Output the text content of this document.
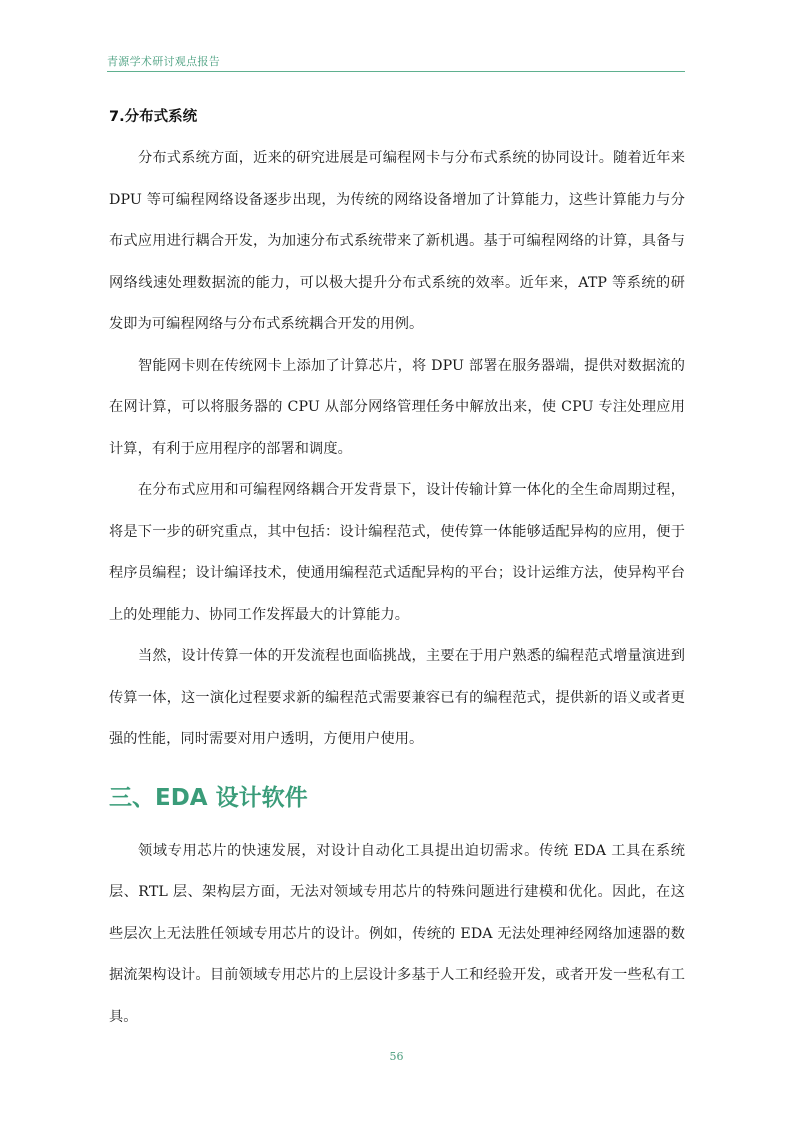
青源学术研讨观点报告
7.分布式系统

分布式系统方面，近来的研究进展是可编程网卡与分布式系统的协同设计。随着近年来 DPU 等可编程网络设备逐步出现，为传统的网络设备增加了计算能力，这些计算能力与分布式应用进行耦合开发，为加速分布式系统带来了新机遇。基于可编程网络的计算，具备与网络线速处理数据流的能力，可以极大提升分布式系统的效率。近年来，ATP 等系统的研发即为可编程网络与分布式系统耦合开发的用例。

智能网卡则在传统网卡上添加了计算芯片，将 DPU 部署在服务器端，提供对数据流的在网计算，可以将服务器的 CPU 从部分网络管理任务中解放出来，使 CPU 专注处理应用计算，有利于应用程序的部署和调度。

在分布式应用和可编程网络耦合开发背景下，设计传输计算一体化的全生命周期过程，将是下一步的研究重点，其中包括：设计编程范式，使传算一体能够适配异构的应用，便于程序员编程；设计编译技术，使通用编程范式适配异构的平台；设计运维方法，使异构平台上的处理能力、协同工作发挥最大的计算能力。

当然，设计传算一体的开发流程也面临挑战，主要在于用户熟悉的编程范式增量演进到传算一体，这一演化过程要求新的编程范式需要兼容已有的编程范式，提供新的语义或者更强的性能，同时需要对用户透明，方便用户使用。

三、EDA 设计软件

领域专用芯片的快速发展，对设计自动化工具提出迫切需求。传统 EDA 工具在系统层、RTL 层、架构层方面，无法对领域专用芯片的特殊问题进行建模和优化。因此，在这些层次上无法胜任领域专用芯片的设计。例如，传统的 EDA 无法处理神经网络加速器的数据流架构设计。目前领域专用芯片的上层设计多基于人工和经验开发，或者开发一些私有工具。

56
